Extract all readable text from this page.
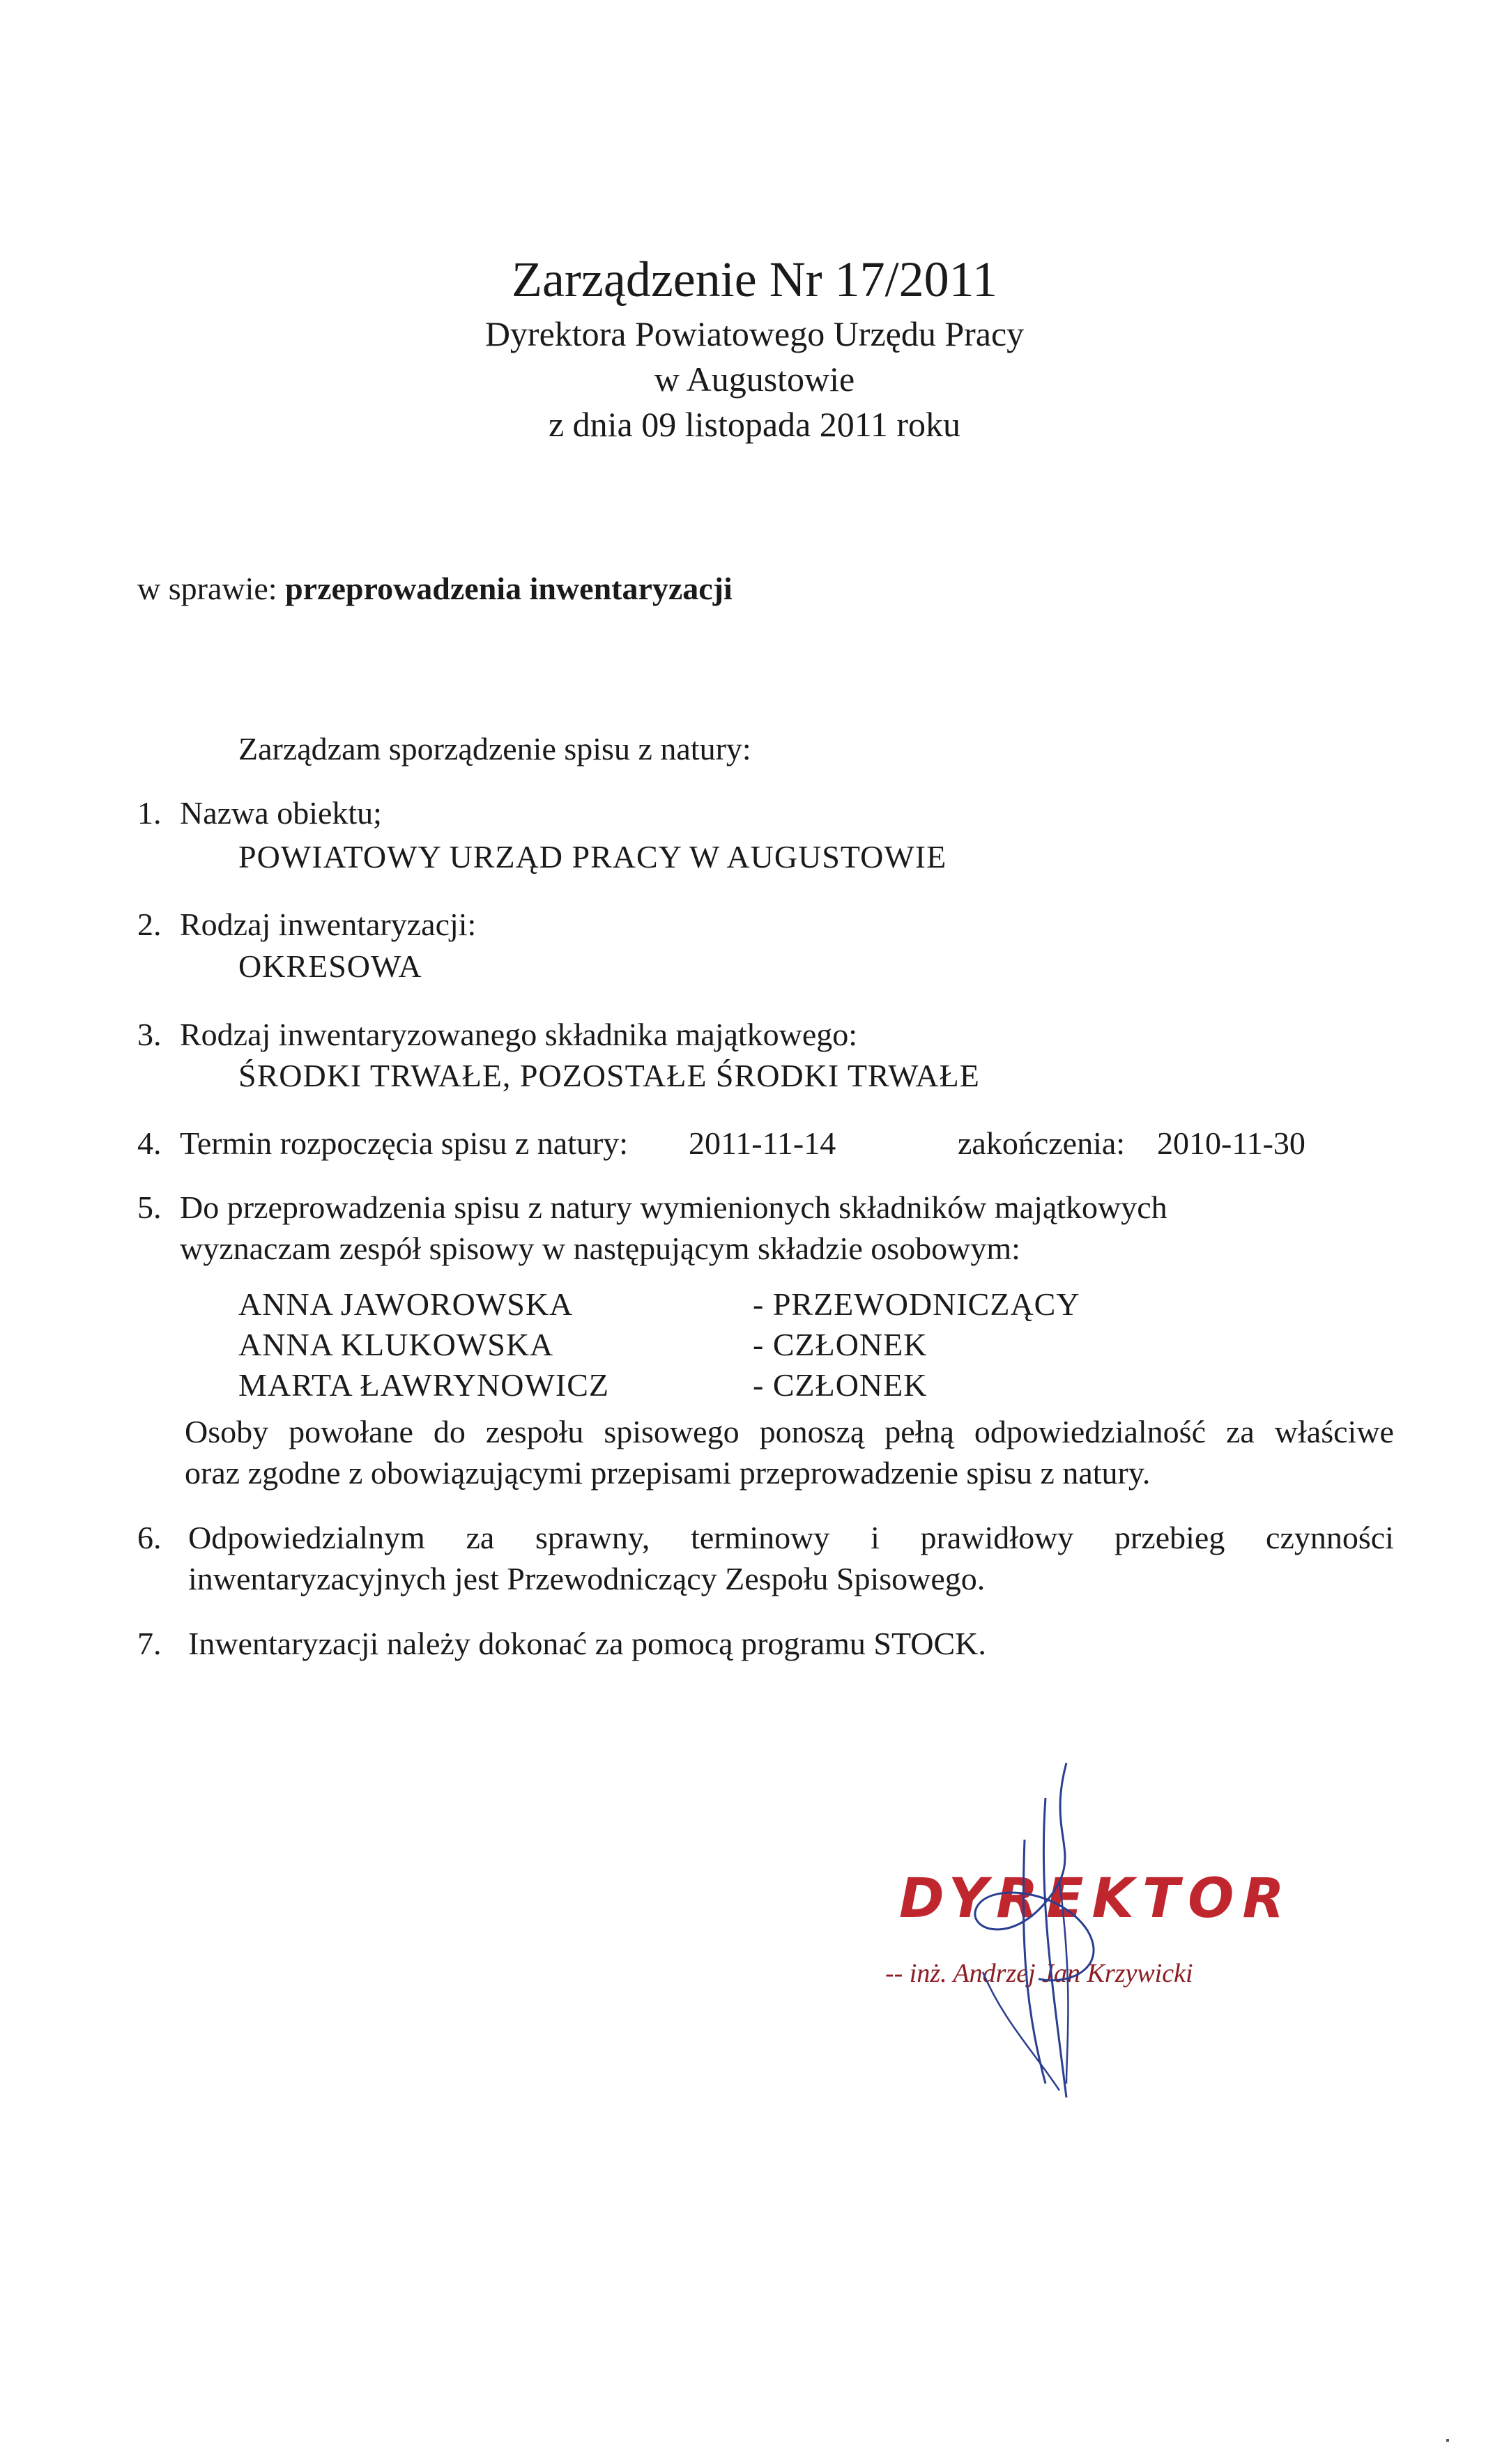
Zarządzenie Nr 17/2011
Dyrektora Powiatowego Urzędu Pracy
w Augustowie
z dnia 09 listopada 2011 roku
w sprawie: przeprowadzenia inwentaryzacji
Zarządzam sporządzenie spisu z natury:
1. Nazwa obiektu;
POWIATOWY URZĄD PRACY W AUGUSTOWIE
2. Rodzaj inwentaryzacji:
OKRESOWA
3. Rodzaj inwentaryzowanego składnika majątkowego:
ŚRODKI TRWAŁE, POZOSTAŁE ŚRODKI TRWAŁE
4. Termin rozpoczęcia spisu z natury: 2011-11-14	zakończenia: 2010-11-30
5. Do przeprowadzenia spisu z natury wymienionych składników majątkowych
wyznaczam zespół spisowy w następującym składzie osobowym:
ANNA JAWOROWSKA	- PRZEWODNICZĄCY
ANNA KLUKOWSKA	- CZŁONEK
MARTA ŁAWRYNOWICZ	- CZŁONEK
Osoby powołane do zespołu spisowego ponoszą pełną odpowiedzialność za właściwe
oraz zgodne z obowiązującymi przepisami przeprowadzenie spisu z natury.
6. Odpowiedzialnym za sprawny, terminowy i prawidłowy przebieg czynności
inwentaryzacyjnych jest Przewodniczący Zespołu Spisowego.
7. Inwentaryzacji należy dokonać za pomocą programu STOCK.
DYREKTOR
-- inż. Andrzej Jan Krzywicki
